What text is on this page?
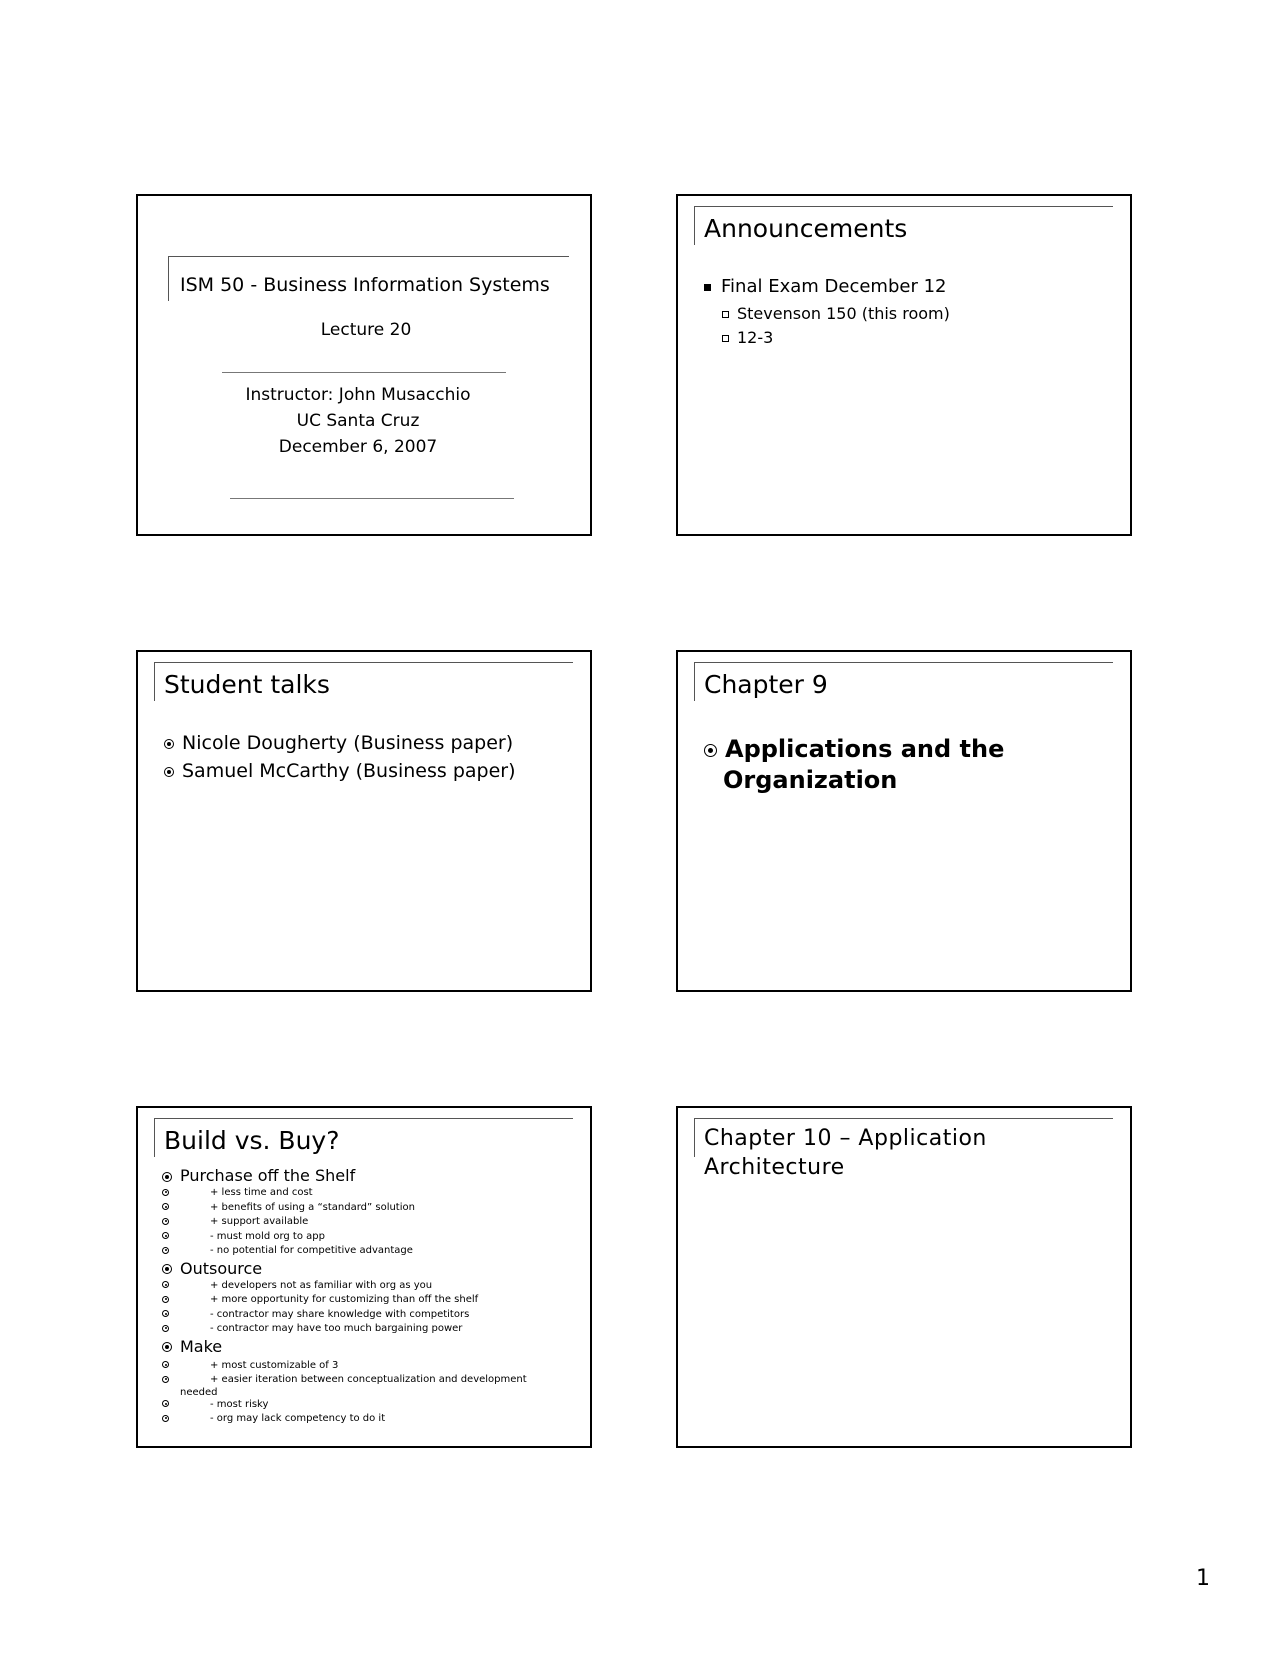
ISM 50 - Business Information Systems
Lecture 20
Instructor: John Musacchio
UC Santa Cruz
December 6, 2007
Announcements
Final Exam December 12
Stevenson 150 (this room)
12-3
Student talks
Nicole Dougherty (Business paper)
Samuel McCarthy (Business paper)
Chapter 9
Applications and the
Organization
Build vs. Buy?
Purchase off the Shelf
+ less time and cost
+ benefits of using a “standard” solution
+ support available
- must mold org to app
- no potential for competitive advantage
Outsource
+ developers not as familiar with org as you
+ more opportunity for customizing than off the shelf
- contractor may share knowledge with competitors
- contractor may have too much bargaining power
Make
+ most customizable of 3
+ easier iteration between conceptualization and development
needed
- most risky
- org may lack competency to do it
Chapter 10 – Application
Architecture
1
